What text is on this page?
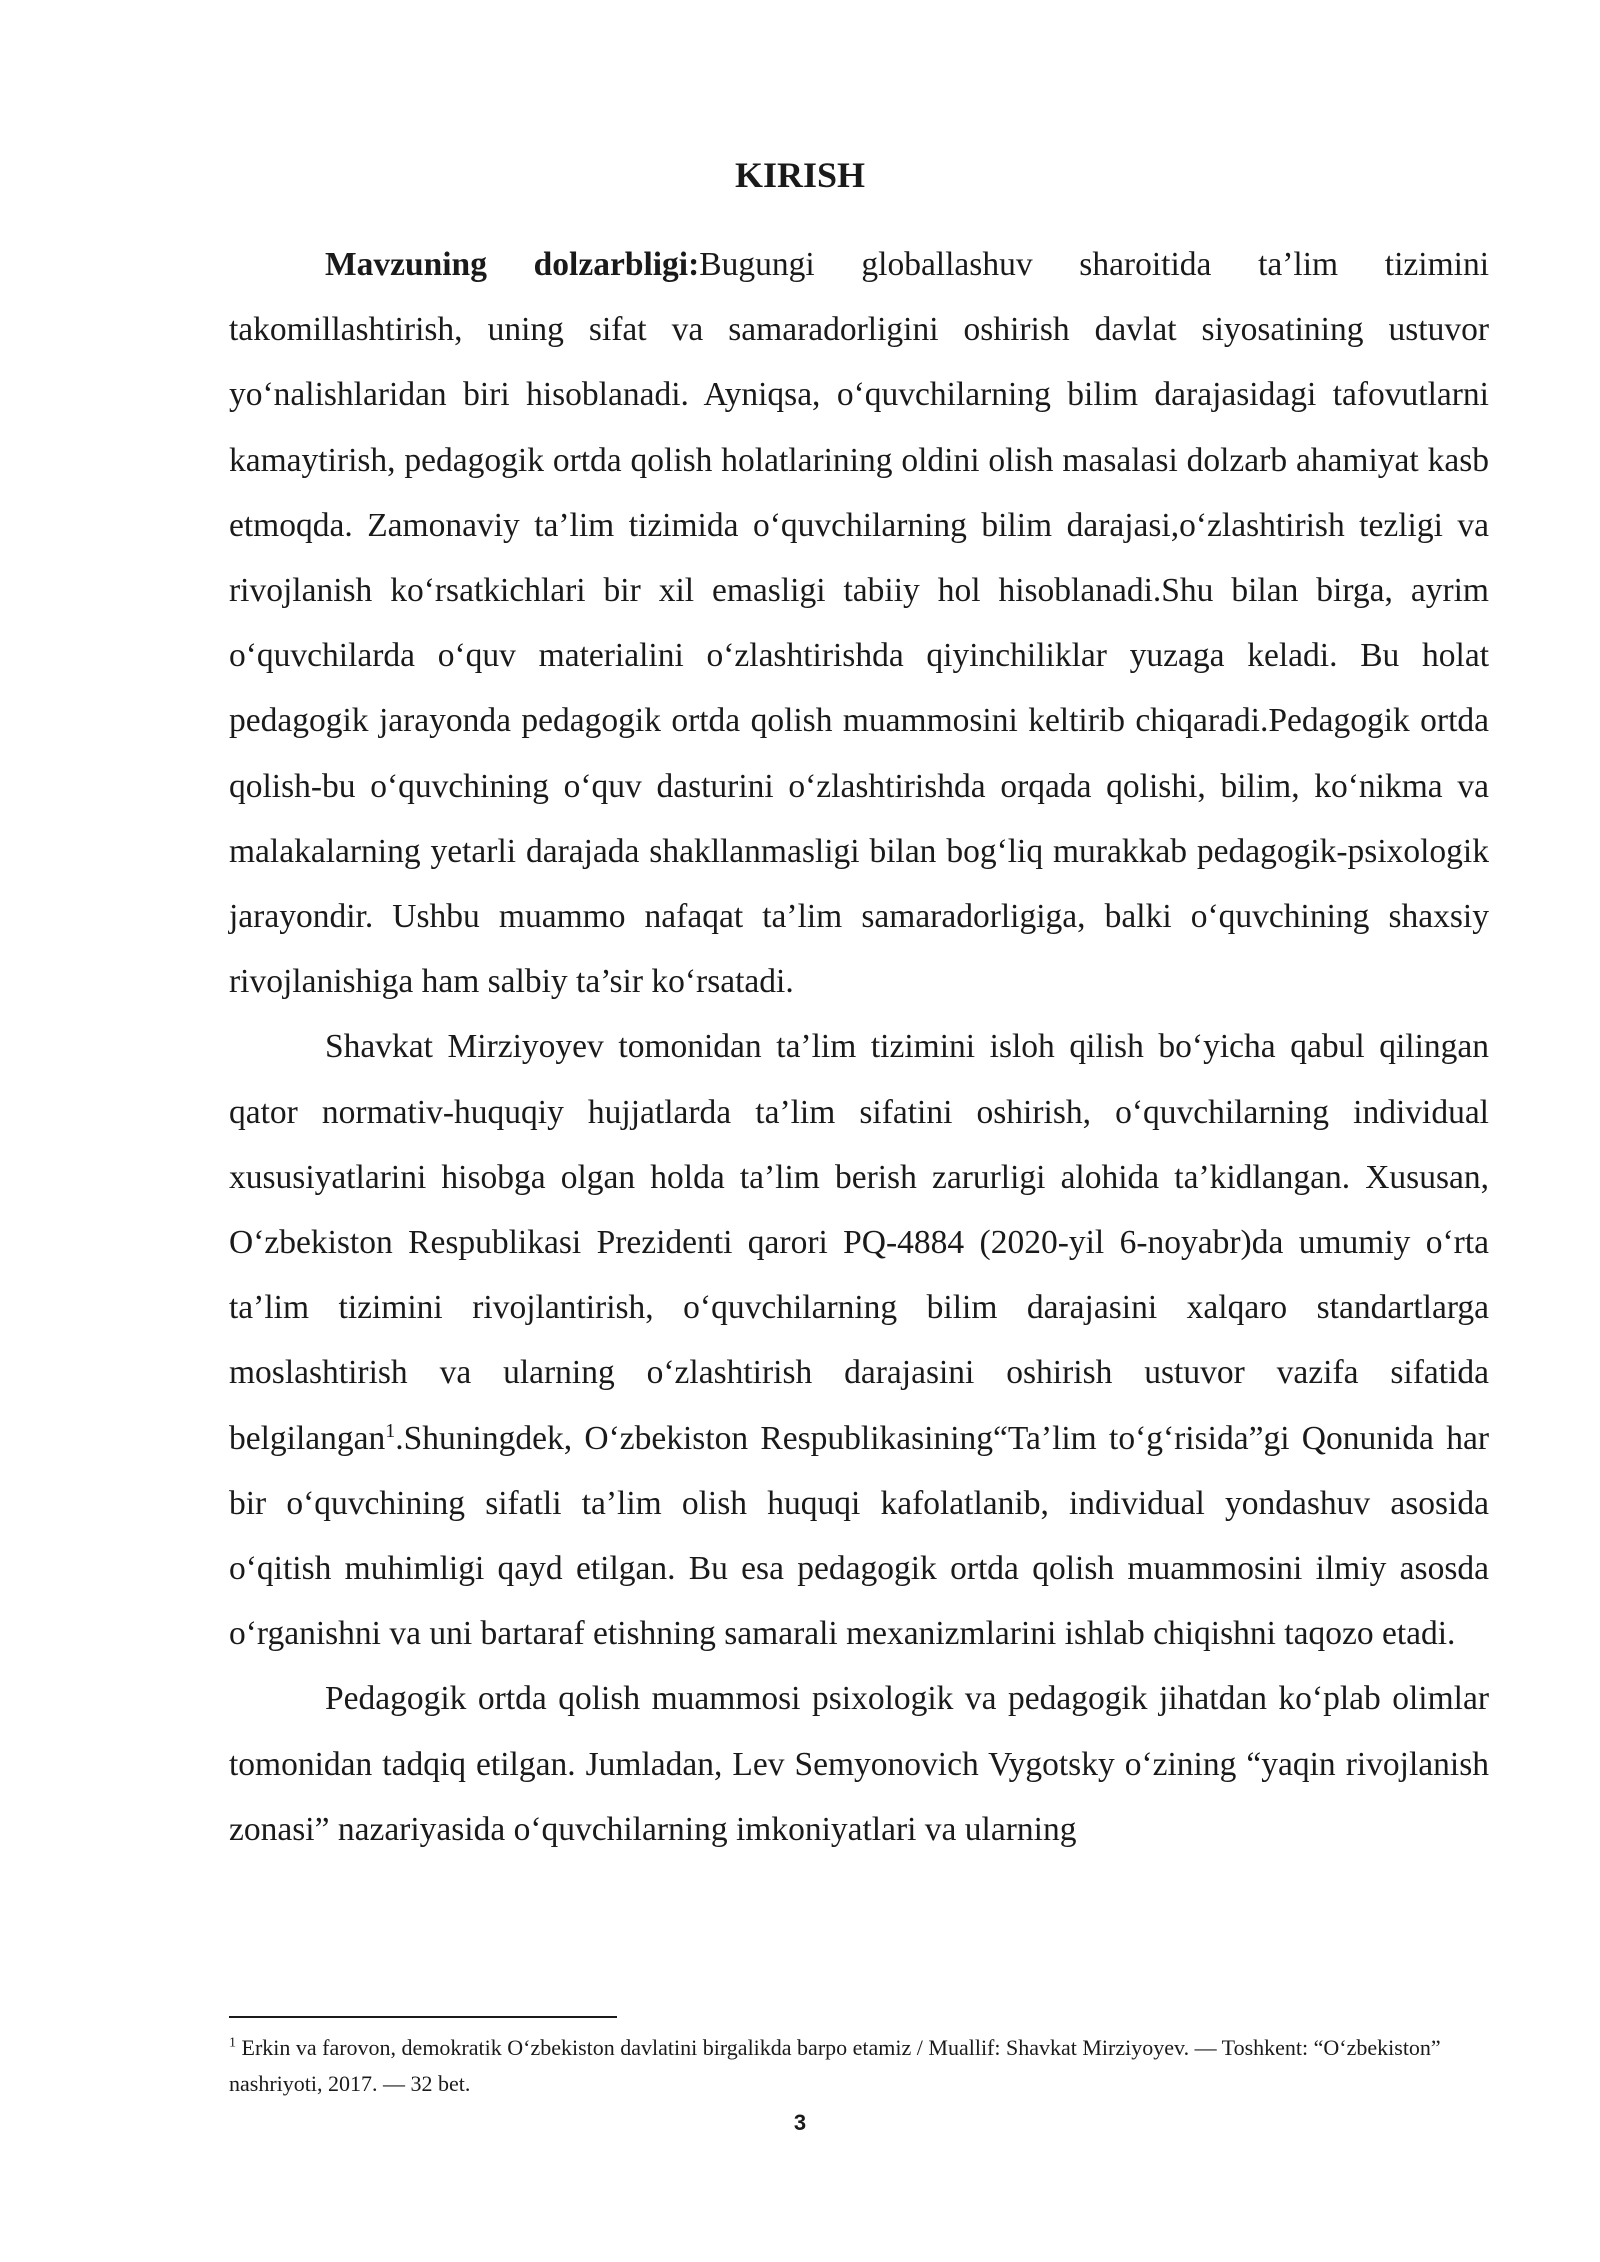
KIRISH

Mavzuning dolzarbligi:Bugungi globallashuv sharoitida ta’lim tizimini takomillashtirish, uning sifat va samaradorligini oshirish davlat siyosatining ustuvor yo‘nalishlaridan biri hisoblanadi. Ayniqsa, o‘quvchilarning bilim darajasidagi tafovutlarni kamaytirish, pedagogik ortda qolish holatlarining oldini olish masalasi dolzarb ahamiyat kasb etmoqda. Zamonaviy ta’lim tizimida o‘quvchilarning bilim darajasi,o‘zlashtirish tezligi va rivojlanish ko‘rsatkichlari bir xil emasligi tabiiy hol hisoblanadi.Shu bilan birga, ayrim o‘quvchilarda o‘quv materialini o‘zlashtirishda qiyinchiliklar yuzaga keladi. Bu holat pedagogik jarayonda pedagogik ortda qolish muammosini keltirib chiqaradi.Pedagogik ortda qolish-bu o‘quvchining o‘quv dasturini o‘zlashtirishda orqada qolishi, bilim, ko‘nikma va malakalarning yetarli darajada shakllanmasligi bilan bog‘liq murakkab pedagogik-psixologik jarayondir. Ushbu muammo nafaqat ta’lim samaradorligiga, balki o‘quvchining shaxsiy rivojlanishiga ham salbiy ta’sir ko‘rsatadi.

Shavkat Mirziyoyev tomonidan ta’lim tizimini isloh qilish bo‘yicha qabul qilingan qator normativ-huquqiy hujjatlarda ta’lim sifatini oshirish, o‘quvchilarning individual xususiyatlarini hisobga olgan holda ta’lim berish zarurligi alohida ta’kidlangan. Xususan, O‘zbekiston Respublikasi Prezidenti qarori PQ-4884 (2020-yil 6-noyabr)da umumiy o‘rta ta’lim tizimini rivojlantirish, o‘quvchilarning bilim darajasini xalqaro standartlarga moslashtirish va ularning o‘zlashtirish darajasini oshirish ustuvor vazifa sifatida belgilangan$^1$.Shuningdek, O‘zbekiston Respublikasining“Ta’lim to‘g‘risida”gi Qonunida har bir o‘quvchining sifatli ta’lim olish huquqi kafolatlanib, individual yondashuv asosida o‘qitish muhimligi qayd etilgan. Bu esa pedagogik ortda qolish muammosini ilmiy asosda o‘rganishni va uni bartaraf etishning samarali mexanizmlarini ishlab chiqishni taqozo etadi.

Pedagogik ortda qolish muammosi psixologik va pedagogik jihatdan ko‘plab olimlar tomonidan tadqiq etilgan. Jumladan, Lev Semyonovich Vygotsky o‘zining “yaqin rivojlanish zonasi” nazariyasida o‘quvchilarning imkoniyatlari va ularning

$^1$ Erkin va farovon, demokratik O‘zbekiston davlatini birgalikda barpo etamiz / Muallif: Shavkat Mirziyoyev. — Toshkent: “O‘zbekiston” nashriyoti, 2017. — 32 bet.

3
